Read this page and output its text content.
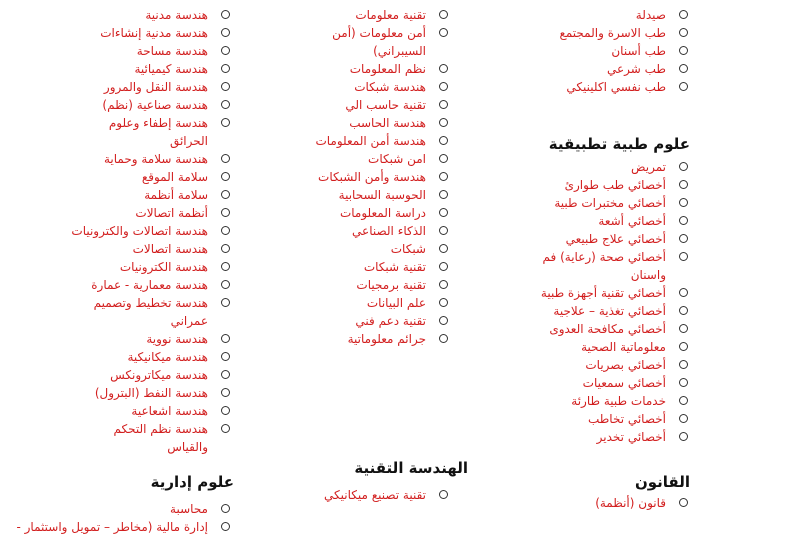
صيدلة
طب الاسرة والمجتمع
طب أسنان
طب شرعي
طب نفسي اكلينيكي
علوم طبية تطبيقية
تمريض
أخصائي طب طوارئ
أخصائي مختبرات طبية
أخصائي أشعة
أخصائي علاج طبيعي
أخصائي صحة (رعاية) فم واسنان
أخصائي تقنية أجهزة طبية
أخصائي تغذية – علاجية
أخصائي مكافحة العدوى
معلوماتية الصحية
أخصائي بصريات
أخصائي سمعيات
خدمات طبية طارئة
أخصائي تخاطب
أخصائي تخدير
القانون
قانون (أنظمة)
تقنية معلومات
أمن معلومات (أمن السيبراني)
نظم المعلومات
هندسة شبكات
تقنية حاسب الي
هندسة الحاسب
هندسة أمن المعلومات
امن شبكات
هندسة وأمن الشبكات
الحوسبة السحابية
دراسة المعلومات
الذكاء الصناعي
شبكات
تقنية شبكات
تقنية برمجيات
علم البيانات
تقنية دعم فني
جرائم معلوماتية
الهندسة التقنية
تقنية تصنيع ميكانيكي
هندسة مدنية
هندسة مدنية إنشاءات
هندسة مساحة
هندسة كيميائية
هندسة النقل والمرور
هندسة صناعية (نظم)
هندسة إطفاء وعلوم الحرائق
هندسة سلامة وحماية
سلامة الموقع
سلامة أنظمة
أنظمة اتصالات
هندسة اتصالات والكترونيات
هندسة اتصالات
هندسة الكترونيات
هندسة معمارية - عمارة
هندسة تخطيط وتصميم عمراني
هندسة نووية
هندسة ميكانيكية
هندسة ميكاترونكس
هندسة النفط (البترول)
هندسة اشعاعية
هندسة نظم التحكم والقياس
علوم إدارية
محاسبة
إدارة مالية (مخاطر – تمويل واستثمار -
